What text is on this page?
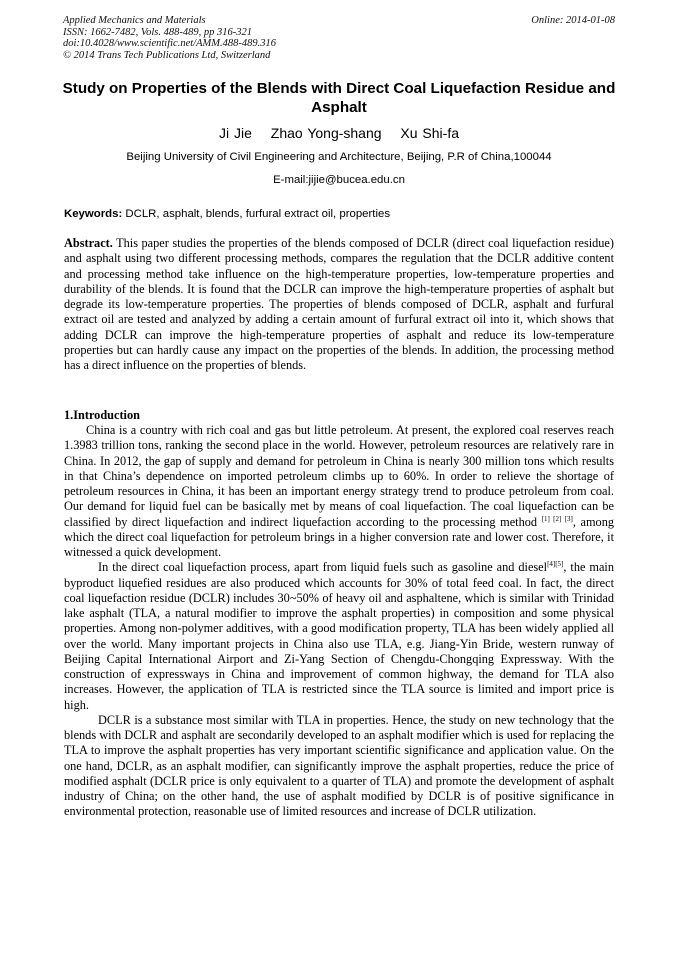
Applied Mechanics and Materials
ISSN: 1662-7482, Vols. 488-489, pp 316-321
doi:10.4028/www.scientific.net/AMM.488-489.316
© 2014 Trans Tech Publications Ltd, Switzerland
Online: 2014-01-08
Study on Properties of the Blends with Direct Coal Liquefaction Residue and Asphalt
Ji Jie Zhao Yong-shang Xu Shi-fa
Beijing University of Civil Engineering and Architecture, Beijing, P.R of China,100044
E-mail:jijie@bucea.edu.cn
Keywords: DCLR, asphalt, blends, furfural extract oil, properties
Abstract. This paper studies the properties of the blends composed of DCLR (direct coal liquefaction residue) and asphalt using two different processing methods, compares the regulation that the DCLR additive content and processing method take influence on the high-temperature properties, low-temperature properties and durability of the blends. It is found that the DCLR can improve the high-temperature properties of asphalt but degrade its low-temperature properties. The properties of blends composed of DCLR, asphalt and furfural extract oil are tested and analyzed by adding a certain amount of furfural extract oil into it, which shows that adding DCLR can improve the high-temperature properties of asphalt and reduce its low-temperature properties but can hardly cause any impact on the properties of the blends. In addition, the processing method has a direct influence on the properties of blends.
1.Introduction

China is a country with rich coal and gas but little petroleum. At present, the explored coal reserves reach 1.3983 trillion tons, ranking the second place in the world. However, petroleum resources are relatively rare in China. In 2012, the gap of supply and demand for petroleum in China is nearly 300 million tons which results in that China’s dependence on imported petroleum climbs up to 60%. In order to relieve the shortage of petroleum resources in China, it has been an important energy strategy trend to produce petroleum from coal. Our demand for liquid fuel can be basically met by means of coal liquefaction. The coal liquefaction can be classified by direct liquefaction and indirect liquefaction according to the processing method [1] [2] [3], among which the direct coal liquefaction for petroleum brings in a higher conversion rate and lower cost. Therefore, it witnessed a quick development.

In the direct coal liquefaction process, apart from liquid fuels such as gasoline and diesel[4][5], the main byproduct liquefied residues are also produced which accounts for 30% of total feed coal. In fact, the direct coal liquefaction residue (DCLR) includes 30~50% of heavy oil and asphaltene, which is similar with Trinidad lake asphalt (TLA, a natural modifier to improve the asphalt properties) in composition and some physical properties. Among non-polymer additives, with a good modification property, TLA has been widely applied all over the world. Many important projects in China also use TLA, e.g. Jiang-Yin Bride, western runway of Beijing Capital International Airport and Zi-Yang Section of Chengdu-Chongqing Expressway. With the construction of expressways in China and improvement of common highway, the demand for TLA also increases. However, the application of TLA is restricted since the TLA source is limited and import price is high.

DCLR is a substance most similar with TLA in properties. Hence, the study on new technology that the blends with DCLR and asphalt are secondarily developed to an asphalt modifier which is used for replacing the TLA to improve the asphalt properties has very important scientific significance and application value. On the one hand, DCLR, as an asphalt modifier, can significantly improve the asphalt properties, reduce the price of modified asphalt (DCLR price is only equivalent to a quarter of TLA) and promote the development of asphalt industry of China; on the other hand, the use of asphalt modified by DCLR is of positive significance in environmental protection, reasonable use of limited resources and increase of DCLR utilization.
